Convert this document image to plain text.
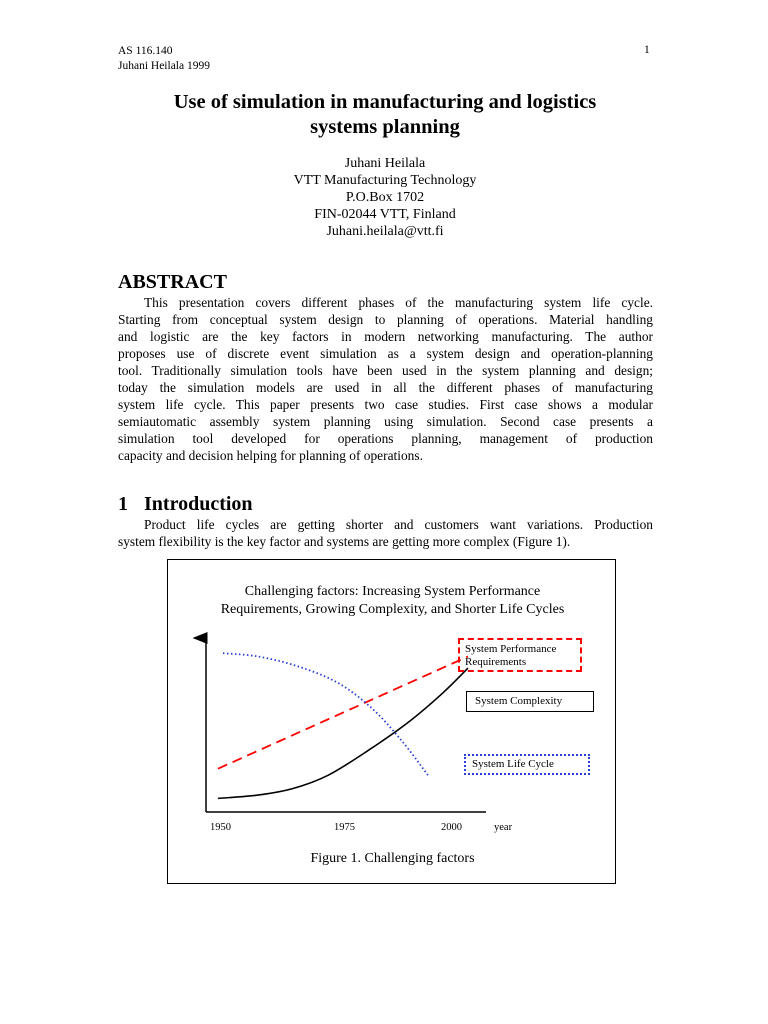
AS 116.140
Juhani Heilala 1999
1
Use of simulation in manufacturing and logistics
systems planning
Juhani Heilala
VTT Manufacturing Technology
P.O.Box 1702
FIN-02044 VTT, Finland
Juhani.heilala@vtt.fi
ABSTRACT
This presentation covers different phases of the manufacturing system life cycle.
Starting from conceptual system design to planning of operations. Material handling
and logistic are the key factors in modern networking manufacturing. The author
proposes use of discrete event simulation as a system design and operation-planning
tool. Traditionally simulation tools have been used in the system planning and design;
today the simulation models are used in all the different phases of manufacturing
system life cycle. This paper presents two case studies. First case shows a modular
semiautomatic assembly system planning using simulation. Second case presents a
simulation tool developed for operations planning, management of production
capacity and decision helping for planning of operations.
1 Introduction
Product life cycles are getting shorter and customers want variations. Production
system flexibility is the key factor and systems are getting more complex (Figure 1).
Challenging factors: Increasing System Performance
Requirements, Growing Complexity, and Shorter Life Cycles
System Performance
Requirements
System Complexity
System Life Cycle
1950	1975	2000	year
Figure 1. Challenging factors
